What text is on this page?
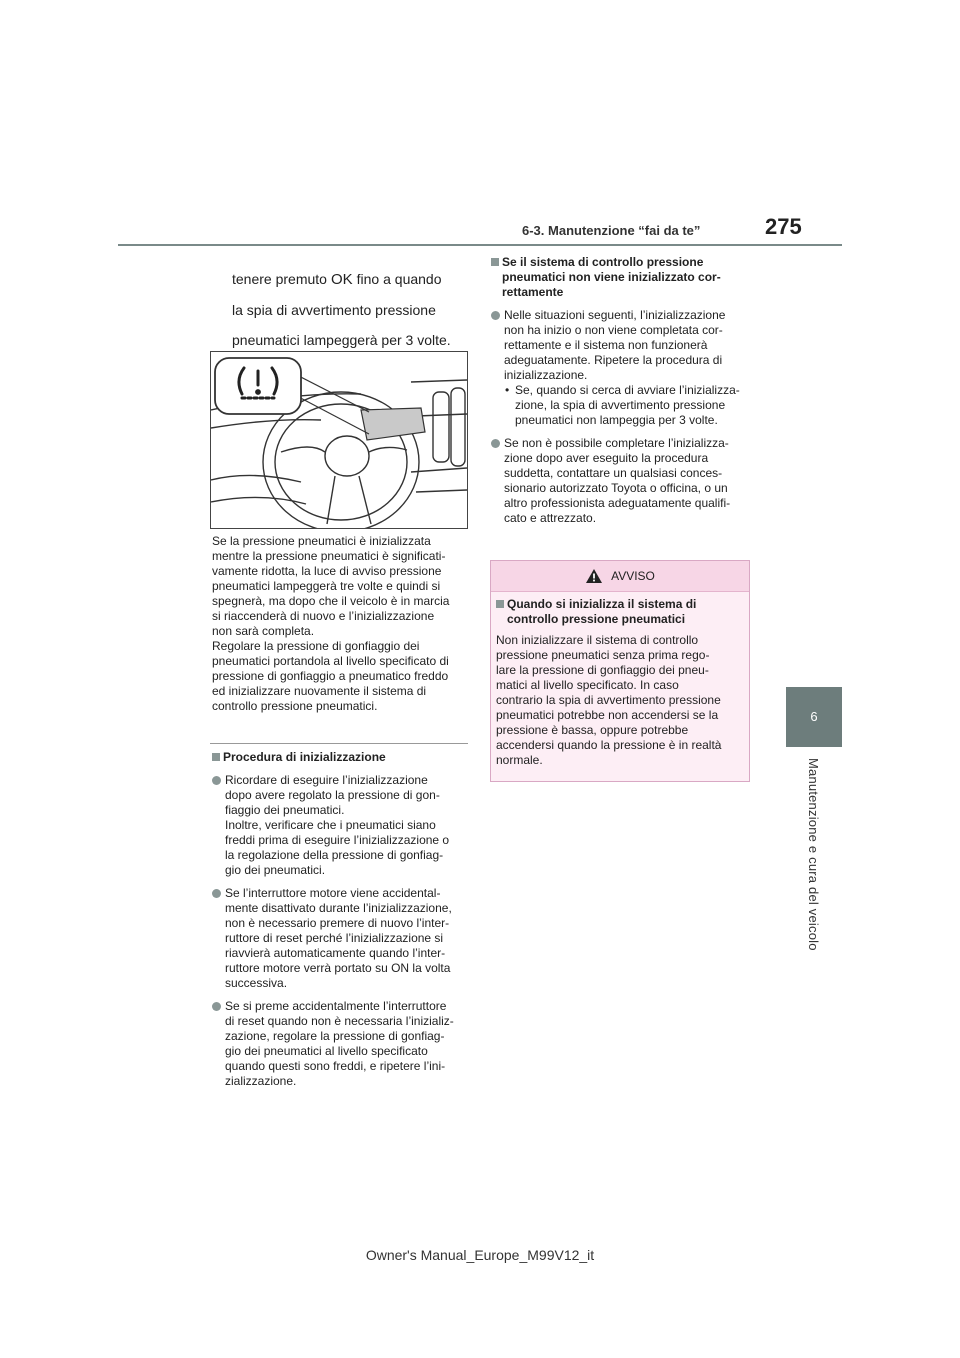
6-3. Manutenzione “fai da te”	275
6
Manutenzione e cura del veicolo

tenere premuto OK fino a quando

la spia di avvertimento pressione

pneumatici lampeggerà per 3 volte.

Se la pressione pneumatici è inizializzata
mentre la pressione pneumatici è significati-
vamente ridotta, la luce di avviso pressione
pneumatici lampeggerà tre volte e quindi si
spegnerà, ma dopo che il veicolo è in marcia
si riaccenderà di nuovo e l’inizializzazione
non sarà completa.
Regolare la pressione di gonfiaggio dei
pneumatici portandola al livello specificato di
pressione di gonfiaggio a pneumatico freddo
ed inizializzare nuovamente il sistema di
controllo pressione pneumatici.
Procedura di inizializzazione
Ricordare di eseguire l’inizializzazione
dopo avere regolato la pressione di gon-
fiaggio dei pneumatici.
Inoltre, verificare che i pneumatici siano
freddi prima di eseguire l’inizializzazione o
la regolazione della pressione di gonfiag-
gio dei pneumatici.
Se l’interruttore motore viene accidental-
mente disattivato durante l’inizializzazione,
non è necessario premere di nuovo l’inter-
ruttore di reset perché l’inizializzazione si
riavvierà automaticamente quando l’inter-
ruttore motore verrà portato su ON la volta
successiva.
Se si preme accidentalmente l’interruttore
di reset quando non è necessaria l’inizializ-
zazione, regolare la pressione di gonfiag-
gio dei pneumatici al livello specificato
quando questi sono freddi, e ripetere l’ini-
zializzazione.
Se il sistema di controllo pressione
pneumatici non viene inizializzato cor-
rettamente
Nelle situazioni seguenti, l’inizializzazione
non ha inizio o non viene completata cor-
rettamente e il sistema non funzionerà
adeguatamente. Ripetere la procedura di
inizializzazione.
• Se, quando si cerca di avviare l’inizializza-
zione, la spia di avvertimento pressione
pneumatici non lampeggia per 3 volte.
Se non è possibile completare l’inizializza-
zione dopo aver eseguito la procedura
suddetta, contattare un qualsiasi conces-
sionario autorizzato Toyota o officina, o un
altro professionista adeguatamente qualifi-
cato e attrezzato.
AVVISO
Quando si inizializza il sistema di
controllo pressione pneumatici

Non inizializzare il sistema di controllo
pressione pneumatici senza prima rego-
lare la pressione di gonfiaggio dei pneu-
matici al livello specificato. In caso
contrario la spia di avvertimento pressione
pneumatici potrebbe non accendersi se la
pressione è bassa, oppure potrebbe
accendersi quando la pressione è in realtà
normale.

Owner's Manual_Europe_M99V12_it
